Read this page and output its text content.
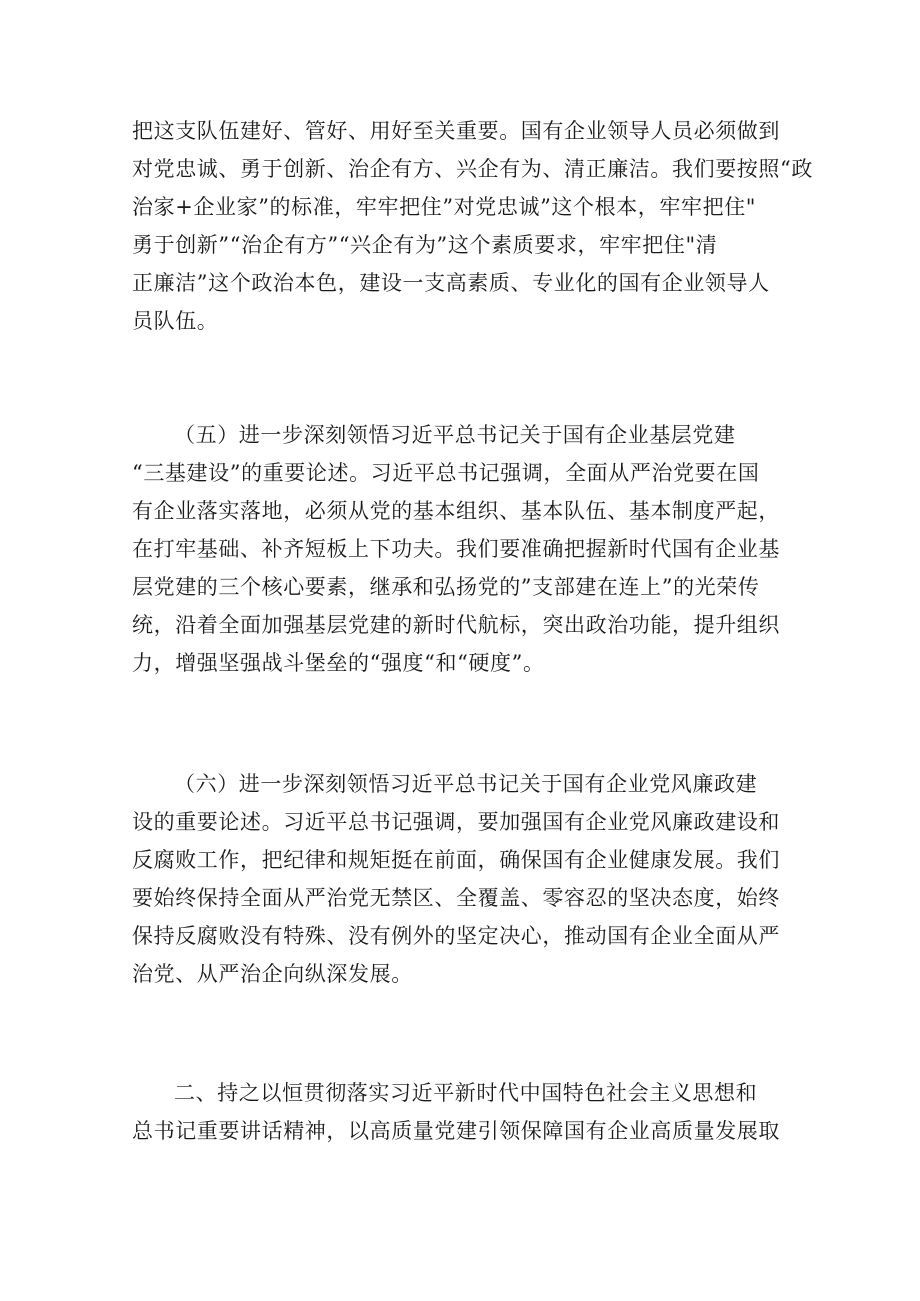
把这支队伍建好、管好、用好至关重要。国有企业领导人员必须做到
对党忠诚、勇于创新、治企有方、兴企有为、清正廉洁。我们要按照“政
治家+企业家”的标准，牢牢把住”对党忠诚”这个根本，牢牢把住"
勇于创新”“治企有方”“兴企有为”这个素质要求，牢牢把住"清
正廉洁”这个政治本色，建设一支高素质、专业化的国有企业领导人
员队伍。
（五）进一步深刻领悟习近平总书记关于国有企业基层党建
“三基建设”的重要论述。习近平总书记强调，全面从严治党要在国
有企业落实落地，必须从党的基本组织、基本队伍、基本制度严起，
在打牢基础、补齐短板上下功夫。我们要准确把握新时代国有企业基
层党建的三个核心要素，继承和弘扬党的”支部建在连上”的光荣传
统，沿着全面加强基层党建的新时代航标，突出政治功能，提升组织
力，增强坚强战斗堡垒的“强度“和“硬度”。
（六）进一步深刻领悟习近平总书记关于国有企业党风廉政建
设的重要论述。习近平总书记强调，要加强国有企业党风廉政建设和
反腐败工作，把纪律和规矩挺在前面，确保国有企业健康发展。我们
要始终保持全面从严治党无禁区、全覆盖、零容忍的坚决态度，始终
保持反腐败没有特殊、没有例外的坚定决心，推动国有企业全面从严
治党、从严治企向纵深发展。
二、持之以恒贯彻落实习近平新时代中国特色社会主义思想和
总书记重要讲话精神，以高质量党建引领保障国有企业高质量发展取
